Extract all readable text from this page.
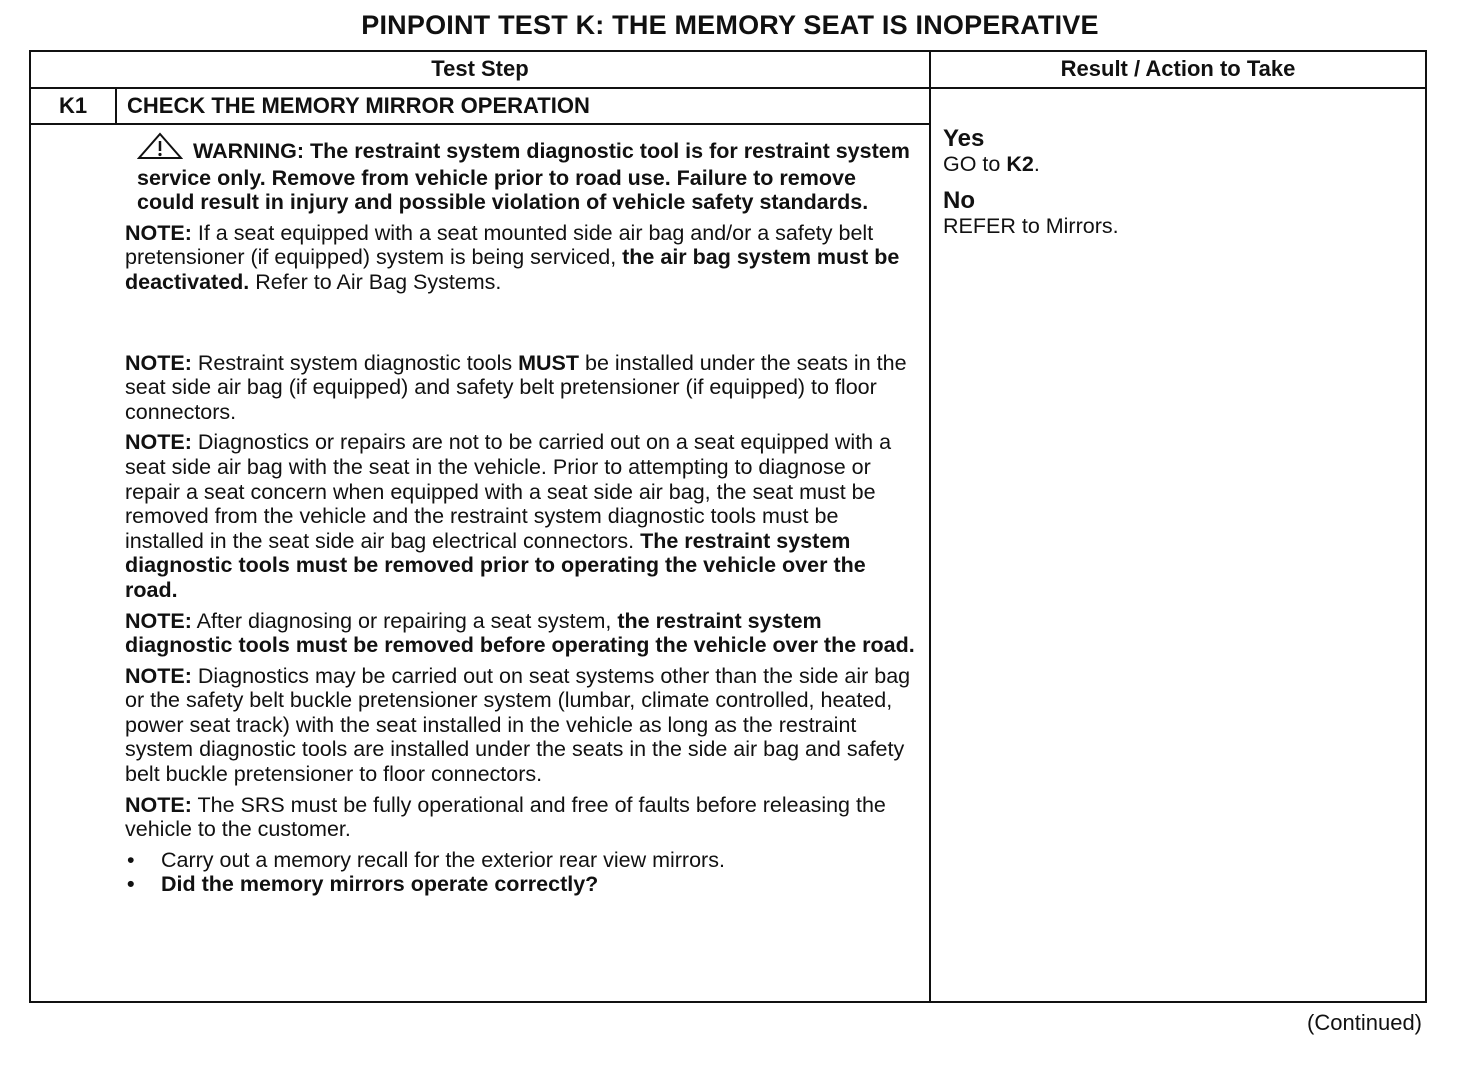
PINPOINT TEST K: THE MEMORY SEAT IS INOPERATIVE
Test Step	Result / Action to Take
K1	CHECK THE MEMORY MIRROR OPERATION

WARNING: The restraint system diagnostic tool is for restraint system service only. Remove from vehicle prior to road use. Failure to remove could result in injury and possible violation of vehicle safety standards.

NOTE: If a seat equipped with a seat mounted side air bag and/or a safety belt pretensioner (if equipped) system is being serviced, the air bag system must be deactivated. Refer to Air Bag Systems.

NOTE: Restraint system diagnostic tools MUST be installed under the seats in the seat side air bag (if equipped) and safety belt pretensioner (if equipped) to floor connectors.

NOTE: Diagnostics or repairs are not to be carried out on a seat equipped with a seat side air bag with the seat in the vehicle. Prior to attempting to diagnose or repair a seat concern when equipped with a seat side air bag, the seat must be removed from the vehicle and the restraint system diagnostic tools must be installed in the seat side air bag electrical connectors. The restraint system diagnostic tools must be removed prior to operating the vehicle over the road.

NOTE: After diagnosing or repairing a seat system, the restraint system diagnostic tools must be removed before operating the vehicle over the road.

NOTE: Diagnostics may be carried out on seat systems other than the side air bag or the safety belt buckle pretensioner system (lumbar, climate controlled, heated, power seat track) with the seat installed in the vehicle as long as the restraint system diagnostic tools are installed under the seats in the side air bag and safety belt buckle pretensioner to floor connectors.

NOTE: The SRS must be fully operational and free of faults before releasing the vehicle to the customer.

• Carry out a memory recall for the exterior rear view mirrors.
• Did the memory mirrors operate correctly?
Yes
GO to K2.
No
REFER to Mirrors.
(Continued)
